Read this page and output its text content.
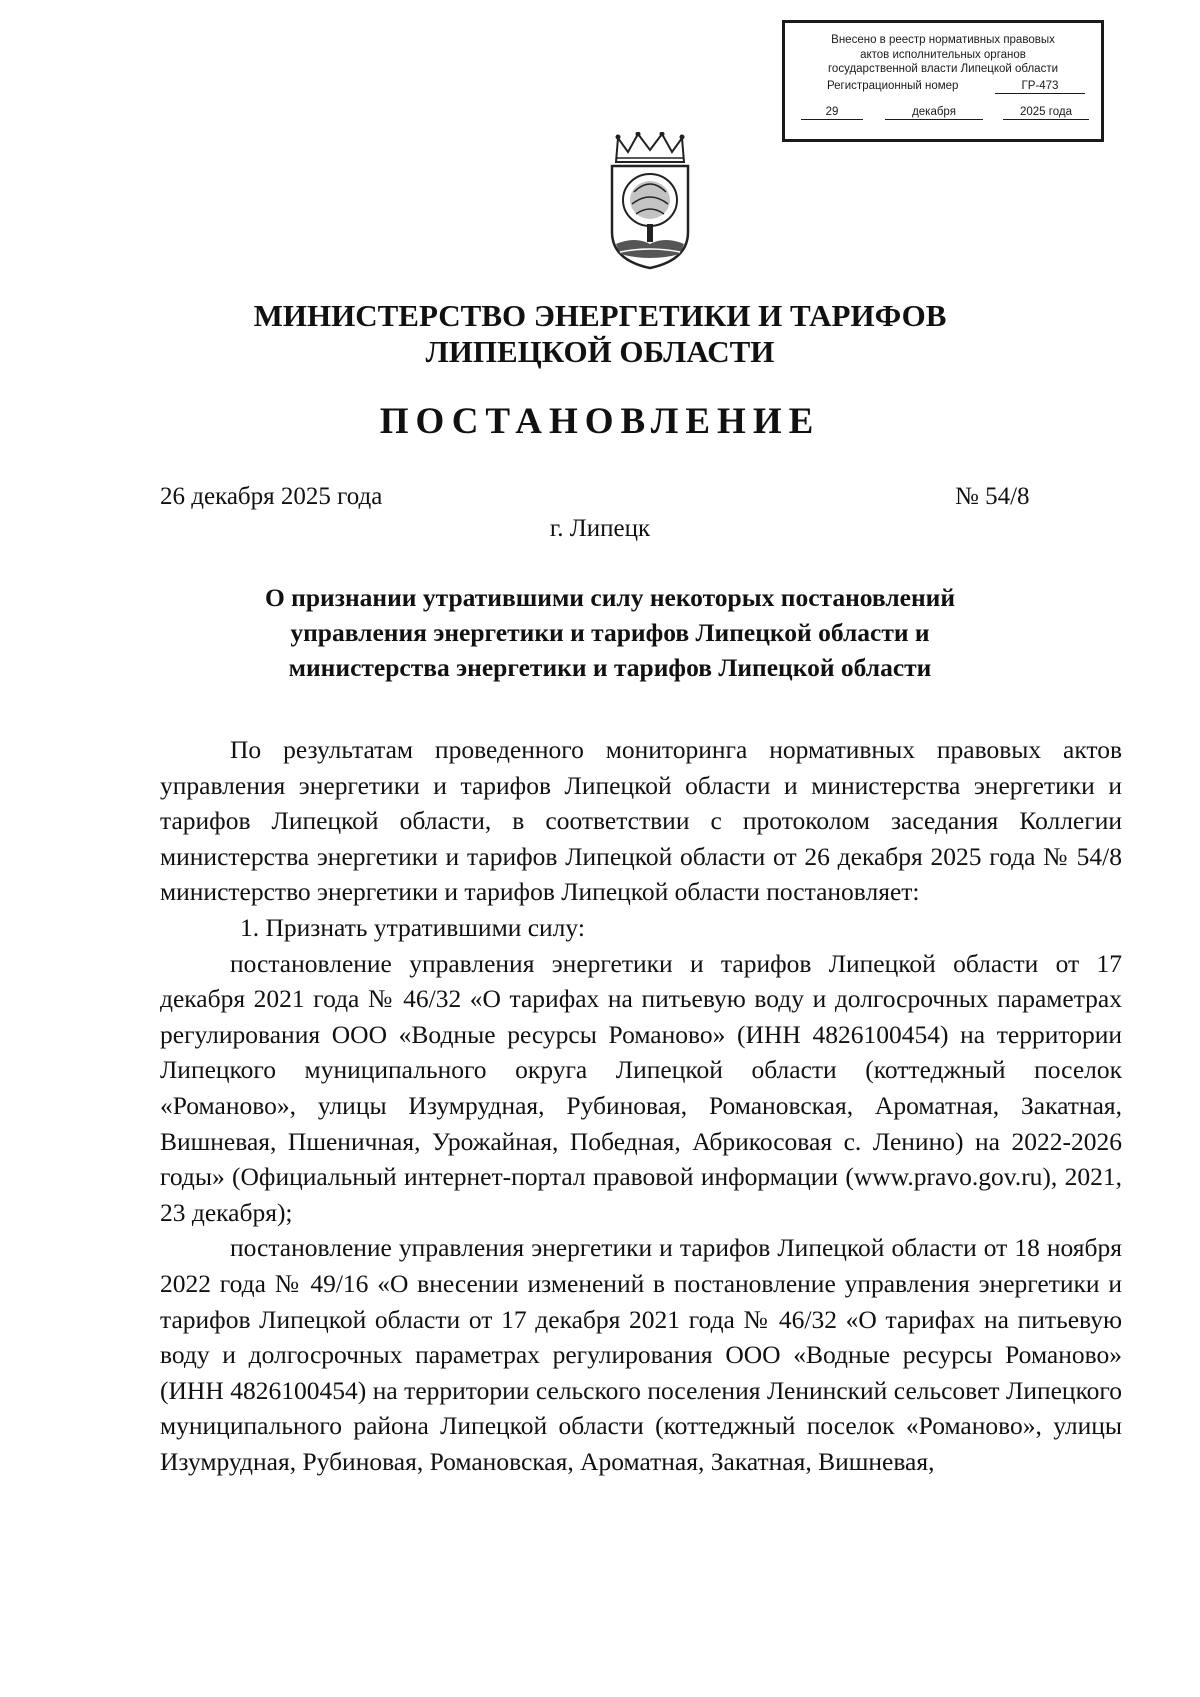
Внесено в реестр нормативных правовых
актов исполнительных органов
государственной власти Липецкой области
Регистрационный номер	ГР-473
29	декабря	2025 года
МИНИСТЕРСТВО ЭНЕРГЕТИКИ И ТАРИФОВ
ЛИПЕЦКОЙ ОБЛАСТИ
ПОСТАНОВЛЕНИЕ
26 декабря 2025 года	№ 54/8
г. Липецк
О признании утратившими силу некоторых постановлений
управления энергетики и тарифов Липецкой области и
министерства энергетики и тарифов Липецкой области

По результатам проведенного мониторинга нормативных правовых актов управления энергетики и тарифов Липецкой области и министерства энергетики и тарифов Липецкой области, в соответствии с протоколом заседания Коллегии министерства энергетики и тарифов Липецкой области от 26 декабря 2025 года № 54/8 министерство энергетики и тарифов Липецкой области постановляет:

1. Признать утратившими силу:

постановление управления энергетики и тарифов Липецкой области от 17 декабря 2021 года № 46/32 «О тарифах на питьевую воду и долгосрочных параметрах регулирования ООО «Водные ресурсы Романово» (ИНН 4826100454) на территории Липецкого муниципального округа Липецкой области (коттеджный поселок «Романово», улицы Изумрудная, Рубиновая, Романовская, Ароматная, Закатная, Вишневая, Пшеничная, Урожайная, Победная, Абрикосовая с. Ленино) на 2022-2026 годы» (Официальный интернет-портал правовой информации (www.pravo.gov.ru), 2021, 23 декабря);

постановление управления энергетики и тарифов Липецкой области от 18 ноября 2022 года № 49/16 «О внесении изменений в постановление управления энергетики и тарифов Липецкой области от 17 декабря 2021 года № 46/32 «О тарифах на питьевую воду и долгосрочных параметрах регулирования ООО «Водные ресурсы Романово» (ИНН 4826100454) на территории сельского поселения Ленинский сельсовет Липецкого муниципального района Липецкой области (коттеджный поселок «Романово», улицы Изумрудная, Рубиновая, Романовская, Ароматная, Закатная, Вишневая,
